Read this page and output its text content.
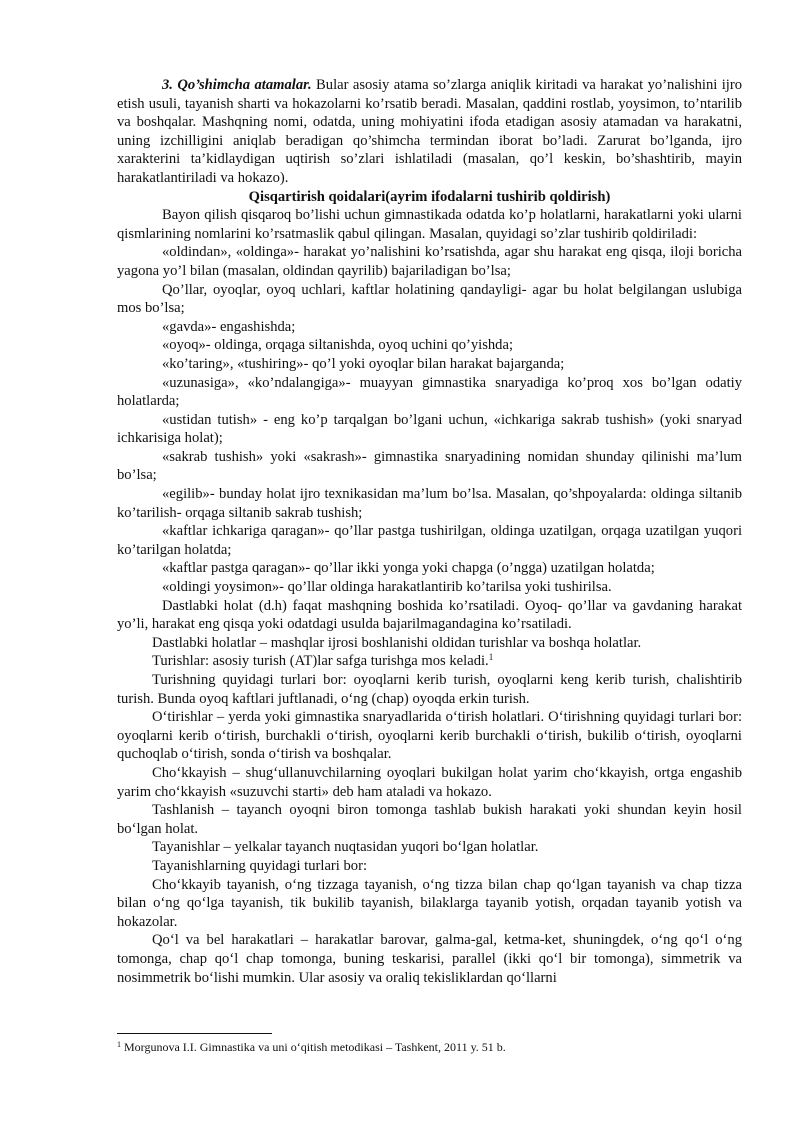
3. Qo’shimcha atamalar. Bular asosiy atama so’zlarga aniqlik kiritadi va harakat yo’nalishini ijro etish usuli, tayanish sharti va hokazolarni ko’rsatib beradi. Masalan, qaddini rostlab, yoysimon, to’ntarilib va boshqalar. Mashqning nomi, odatda, uning mohiyatini ifoda etadigan asosiy atamadan va harakatni, uning izchilligini aniqlab beradigan qo’shimcha termindan iborat bo’ladi. Zarurat bo’lganda, ijro xarakterini ta’kidlaydigan uqtirish so’zlari ishlatiladi (masalan, qo’l keskin, bo’shashtirib, mayin harakatlantiriladi va hokazo).

Qisqartirish qoidalari(ayrim ifodalarni tushirib qoldirish)

Bayon qilish qisqaroq bo’lishi uchun gimnastikada odatda ko’p holatlarni, harakatlarni yoki ularni qismlarining nomlarini ko’rsatmaslik qabul qilingan. Masalan, quyidagi so’zlar tushirib qoldiriladi:

«oldindan», «oldinga»- harakat yo’nalishini ko’rsatishda, agar shu harakat eng qisqa, iloji boricha yagona yo’l bilan (masalan, oldindan qayrilib) bajariladigan bo’lsa;

Qo’llar, oyoqlar, oyoq uchlari, kaftlar holatining qandayligi- agar bu holat belgilangan uslubiga mos bo’lsa;

«gavda»- engashishda;

«oyoq»- oldinga, orqaga siltanishda, oyoq uchini qo’yishda;

«ko’taring», «tushiring»- qo’l yoki oyoqlar bilan harakat bajarganda;

«uzunasiga», «ko’ndalangiga»- muayyan gimnastika snaryadiga ko’proq xos bo’lgan odatiy holatlarda;

«ustidan tutish» - eng ko’p tarqalgan bo’lgani uchun, «ichkariga sakrab tushish» (yoki snaryad ichkarisiga holat);

«sakrab tushish» yoki «sakrash»- gimnastika snaryadining nomidan shunday qilinishi ma’lum bo’lsa;

«egilib»- bunday holat ijro texnikasidan ma’lum bo’lsa. Masalan, qo’shpoyalarda: oldinga siltanib ko’tarilish- orqaga siltanib sakrab tushish;

«kaftlar ichkariga qaragan»- qo’llar pastga tushirilgan, oldinga uzatilgan, orqaga uzatilgan yuqori ko’tarilgan holatda;

«kaftlar pastga qaragan»- qo’llar ikki yonga yoki chapga (o’ngga) uzatilgan holatda;

«oldingi yoysimon»- qo’llar oldinga harakatlantirib ko’tarilsa yoki tushirilsa.

Dastlabki holat (d.h) faqat mashqning boshida ko’rsatiladi. Oyoq- qo’llar va gavdaning harakat yo’li, harakat eng qisqa yoki odatdagi usulda bajarilmagandagina ko’rsatiladi.

Dastlabki holatlar – mashqlar ijrosi boshlanishi oldidan turishlar va boshqa holatlar.

Turishlar: asosiy turish (AT)lar safga turishga mos keladi.$^1$

Turishning quyidagi turlari bor: oyoqlarni kerib turish, oyoqlarni keng kerib turish, chalishtirib turish. Bunda oyoq kaftlari juftlanadi, o‘ng (chap) oyoqda erkin turish.

O‘tirishlar – yerda yoki gimnastika snaryadlarida o‘tirish holatlari. O‘tirishning quyidagi turlari bor: oyoqlarni kerib o‘tirish, burchakli o‘tirish, oyoqlarni kerib burchakli o‘tirish, bukilib o‘tirish, oyoqlarni quchoqlab o‘tirish, sonda o‘tirish va boshqalar.

Cho‘kkayish – shug‘ullanuvchilarning oyoqlari bukilgan holat yarim cho‘kkayish, ortga engashib yarim cho‘kkayish «suzuvchi starti» deb ham ataladi va hokazo.

Tashlanish – tayanch oyoqni biron tomonga tashlab bukish harakati yoki shundan keyin hosil bo‘lgan holat.

Tayanishlar – yelkalar tayanch nuqtasidan yuqori bo‘lgan holatlar.

Tayanishlarning quyidagi turlari bor:

Cho‘kkayib tayanish, o‘ng tizzaga tayanish, o‘ng tizza bilan chap qo‘lgan tayanish va chap tizza bilan o‘ng qo‘lga tayanish, tik bukilib tayanish, bilaklarga tayanib yotish, orqadan tayanib yotish va hokazolar.

Qo‘l va bel harakatlari – harakatlar barovar, galma-gal, ketma-ket, shuningdek, o‘ng qo‘l o‘ng tomonga, chap qo‘l chap tomonga, buning teskarisi, parallel (ikki qo‘l bir tomonga), simmetrik va nosimmetrik bo‘lishi mumkin. Ular asosiy va oraliq tekisliklardan qo‘llarni

$^1$ Morgunova I.I. Gimnastika va uni o‘qitish metodikasi – Tashkent, 2011 y. 51 b.
